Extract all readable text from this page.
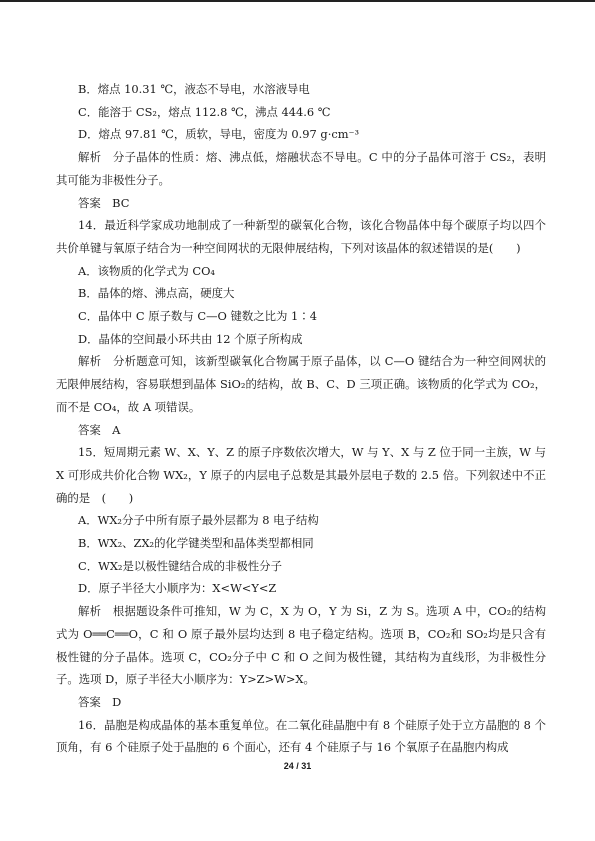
B．熔点 10.31 ℃，液态不导电，水溶液导电

C．能溶于 CS₂，熔点 112.8 ℃，沸点 444.6 ℃

D．熔点 97.81 ℃，质软，导电，密度为 0.97 g·cm⁻³

解析　分子晶体的性质：熔、沸点低，熔融状态不导电。C 中的分子晶体可溶于 CS₂，表明其可能为非极性分子。

答案　BC

14．最近科学家成功地制成了一种新型的碳氧化合物，该化合物晶体中每个碳原子均以四个共价单键与氧原子结合为一种空间网状的无限伸展结构，下列对该晶体的叙述错误的是(　　)

A．该物质的化学式为 CO₄

B．晶体的熔、沸点高，硬度大

C．晶体中 C 原子数与 C—O 键数之比为 1∶4

D．晶体的空间最小环共由 12 个原子所构成

解析　分析题意可知，该新型碳氧化合物属于原子晶体，以 C—O 键结合为一种空间网状的无限伸展结构，容易联想到晶体 SiO₂的结构，故 B、C、D 三项正确。该物质的化学式为 CO₂，而不是 CO₄，故 A 项错误。

答案　A

15．短周期元素 W、X、Y、Z 的原子序数依次增大，W 与 Y、X 与 Z 位于同一主族，W 与 X 可形成共价化合物 WX₂，Y 原子的内层电子总数是其最外层电子数的 2.5 倍。下列叙述中不正确的是　(　　)

A．WX₂分子中所有原子最外层都为 8 电子结构

B．WX₂、ZX₂的化学键类型和晶体类型都相同

C．WX₂是以极性键结合成的非极性分子

D．原子半径大小顺序为：X<W<Y<Z

解析　根据题设条件可推知，W 为 C，X 为 O，Y 为 Si，Z 为 S。选项 A 中，CO₂的结构式为 O══C══O，C 和 O 原子最外层均达到 8 电子稳定结构。选项 B，CO₂和 SO₂均是只含有极性键的分子晶体。选项 C，CO₂分子中 C 和 O 之间为极性键，其结构为直线形，为非极性分子。选项 D，原子半径大小顺序为：Y>Z>W>X。

答案　D

16．晶胞是构成晶体的基本重复单位。在二氧化硅晶胞中有 8 个硅原子处于立方晶胞的 8 个顶角，有 6 个硅原子处于晶胞的 6 个面心，还有 4 个硅原子与 16 个氧原子在晶胞内构成

24 / 31
